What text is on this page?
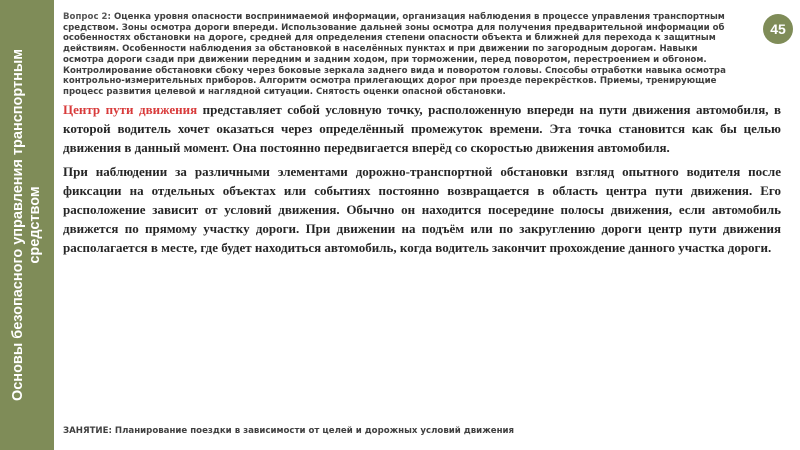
Основы безопасного управления транспортным средством
Вопрос 2: Оценка уровня опасности воспринимаемой информации, организация наблюдения в процессе управления транспортным средством. Зоны осмотра дороги впереди. Использование дальней зоны осмотра для получения предварительной информации об особенностях обстановки на дороге, средней для определения степени опасности объекта и ближней для перехода к защитным действиям. Особенности наблюдения за обстановкой в населённых пунктах и при движении по загородным дорогам. Навыки осмотра дороги сзади при движении передним и задним ходом, при торможении, перед поворотом, перестроением и обгоном. Контролирование обстановки сбоку через боковые зеркала заднего вида и поворотом головы. Способы отработки навыка осмотра контрольно-измерительных приборов. Алгоритм осмотра прилегающих дорог при проезде перекрёстков. Приемы, тренирующие процесс развития целевой и наглядной ситуации. Снятость оценки опасной обстановки.
45

Центр пути движения представляет собой условную точку, расположенную впереди на пути движения автомобиля, в которой водитель хочет оказаться через определённый промежуток времени. Эта точка становится как бы целью движения в данный момент. Она постоянно передвигается вперёд со скоростью движения автомобиля.

При наблюдении за различными элементами дорожно-транспортной обстановки взгляд опытного водителя после фиксации на отдельных объектах или событиях постоянно возвращается в область центра пути движения. Его расположение зависит от условий движения. Обычно он находится посередине полосы движения, если автомобиль движется по прямому участку дороги. При движении на подъём или по закруглению дороги центр пути движения располагается в месте, где будет находиться автомобиль, когда водитель закончит прохождение данного участка дороги.

ЗАНЯТИЕ: Планирование поездки в зависимости от целей и дорожных условий движения
